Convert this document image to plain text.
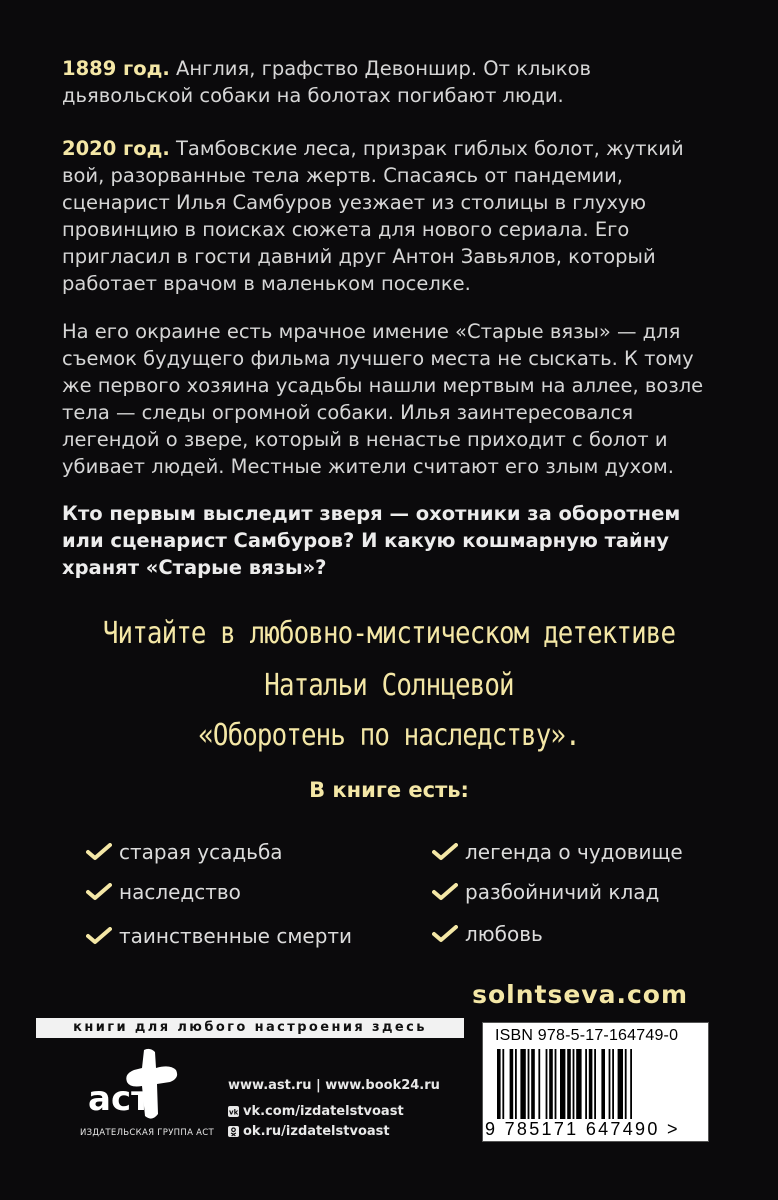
1889 год. Англия, графство Девоншир. От клыков дьявольской собаки на болотах погибают люди.

2020 год. Тамбовские леса, призрак гиблых болот, жуткий вой, разорванные тела жертв. Спасаясь от пандемии, сценарист Илья Самбуров уезжает из столицы в глухую провинцию в поисках сюжета для нового сериала. Его пригласил в гости давний друг Антон Завьялов, который работает врачом в маленьком поселке.

На его окраине есть мрачное имение «Старые вязы» — для съемок будущего фильма лучшего места не сыскать. К тому же первого хозяина усадьбы нашли мертвым на аллее, возле тела — следы огромной собаки. Илья заинтересовался легендой о звере, который в ненастье приходит с болот и убивает людей. Местные жители считают его злым духом.

Кто первым выследит зверя — охотники за оборотнем или сценарист Самбуров? И какую кошмарную тайну хранят «Старые вязы»?

Читайте в любовно-мистическом детективе
Натальи Солнцевой
«Оборотень по наследству».
В книге есть:
старая усадьба
наследство
таинственные смерти
легенда о чудовище
разбойничий клад
любовь
solntseva.com
книги для любого настроения здесь
аст
ИЗДАТЕЛЬСКАЯ ГРУППА АСТ
www.ast.ru | www.book24.ru
vk vk.com/izdatelstvoast
ok.ru/izdatelstvoast
ISBN 978-5-17-164749-0
9 785171 647490 >
